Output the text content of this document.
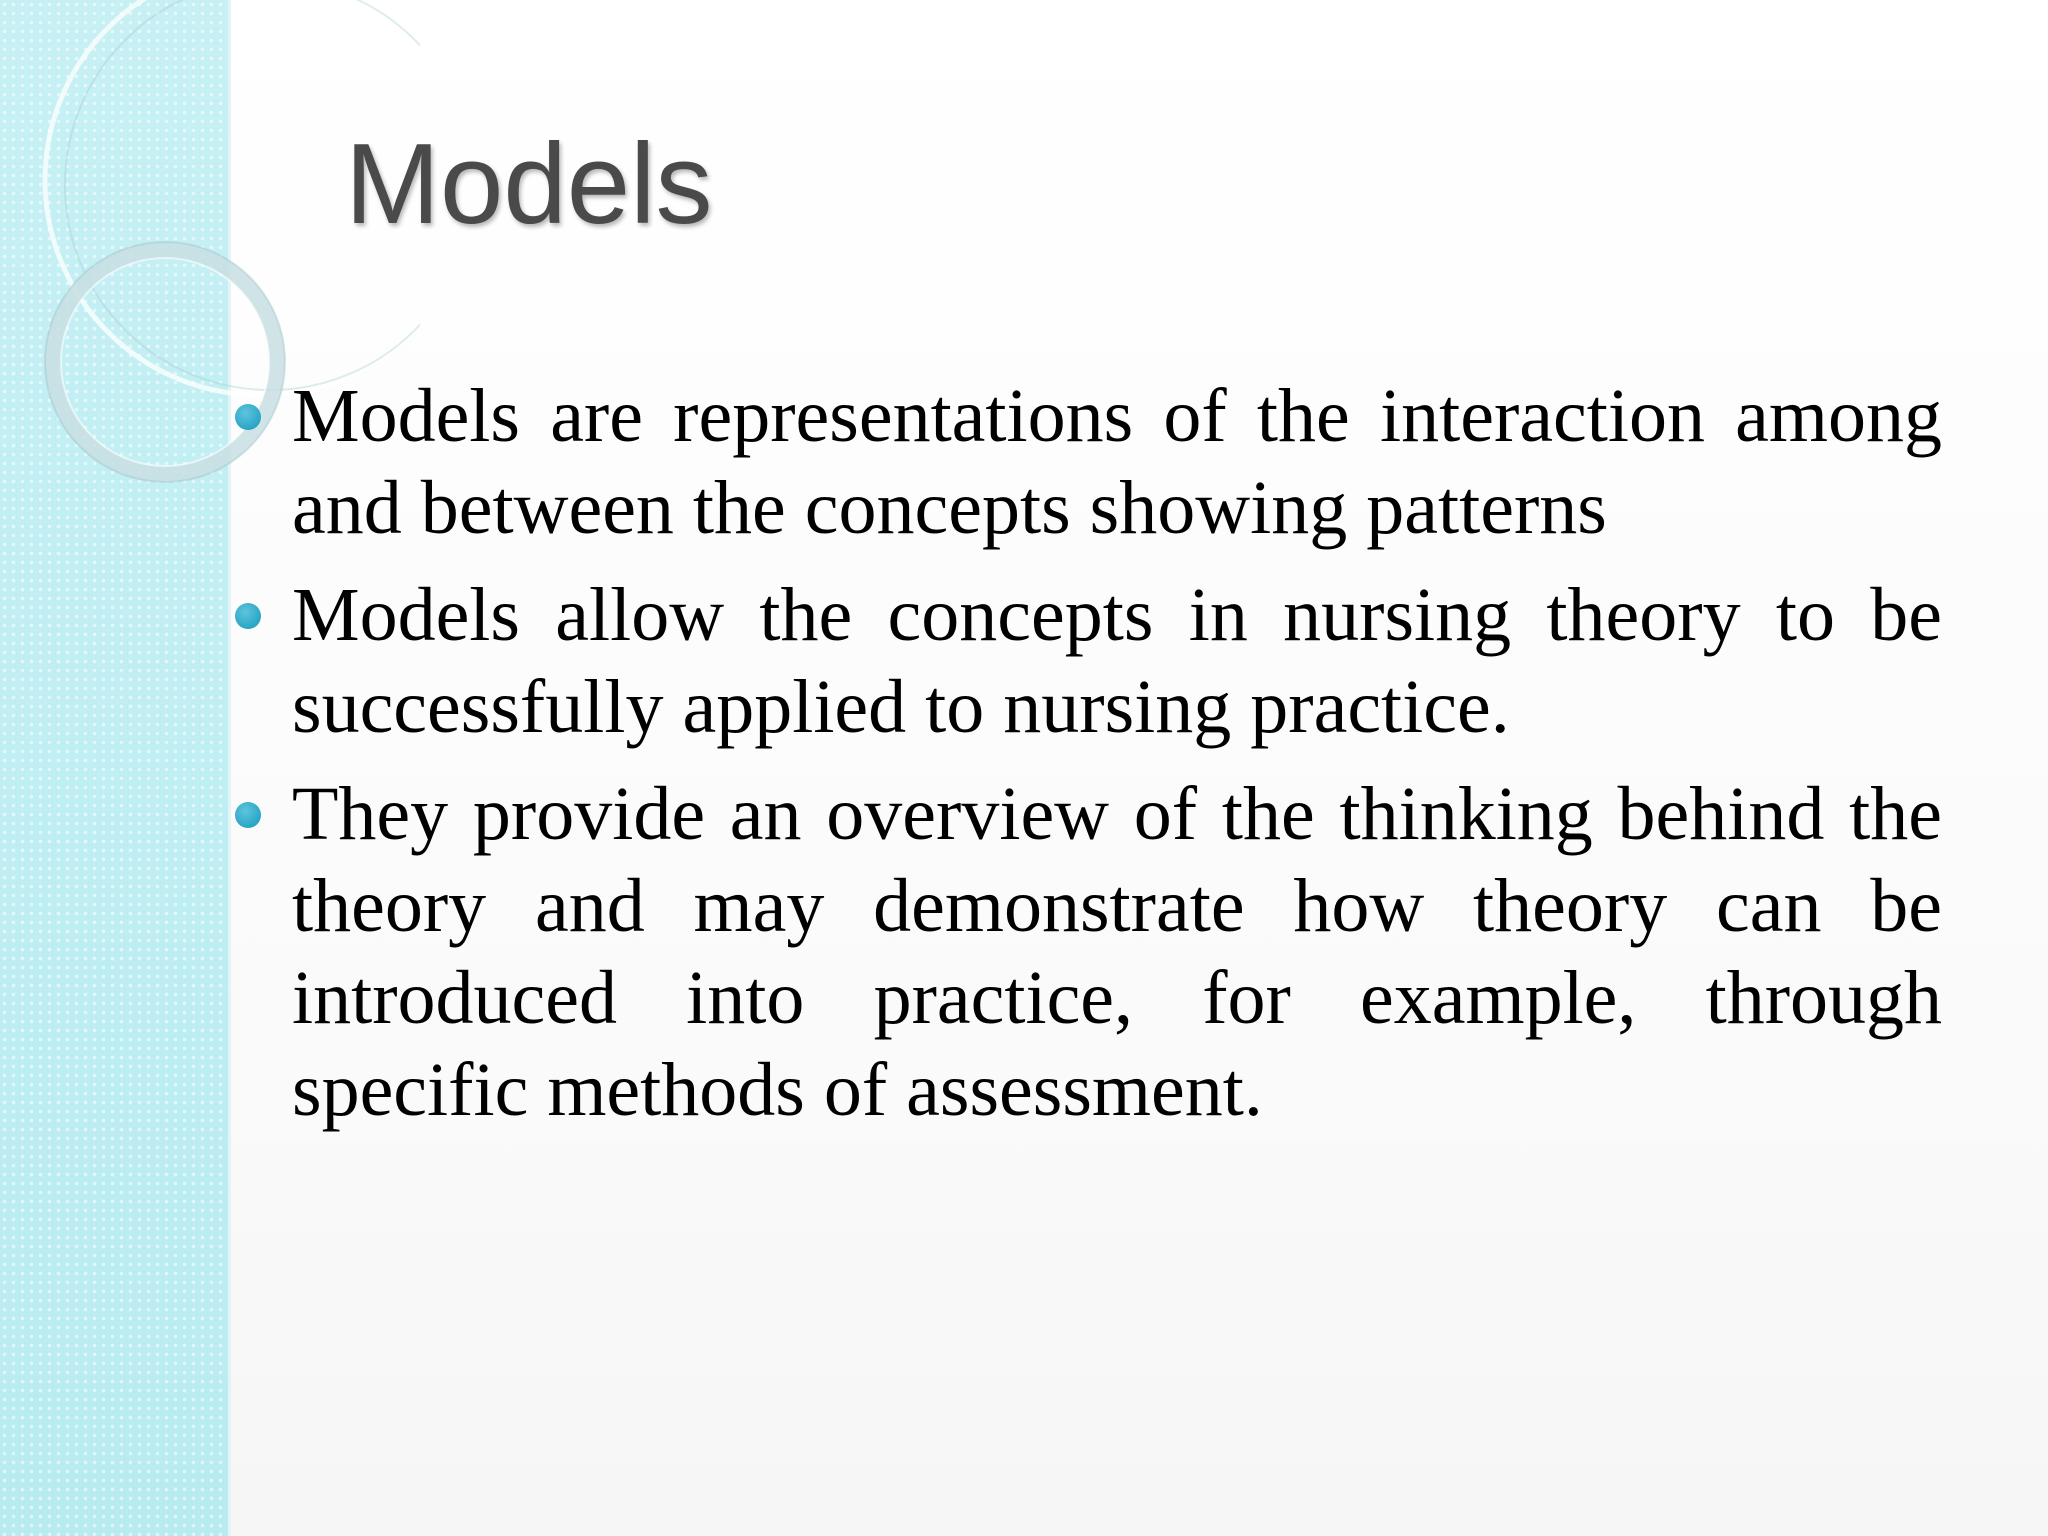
Models
Models are representations of the interaction among and between the concepts showing patterns
Models allow the concepts in nursing theory to be successfully applied to nursing practice.
They provide an overview of the thinking behind the theory and may demonstrate how theory can be introduced into practice, for example, through specific methods of assessment.
